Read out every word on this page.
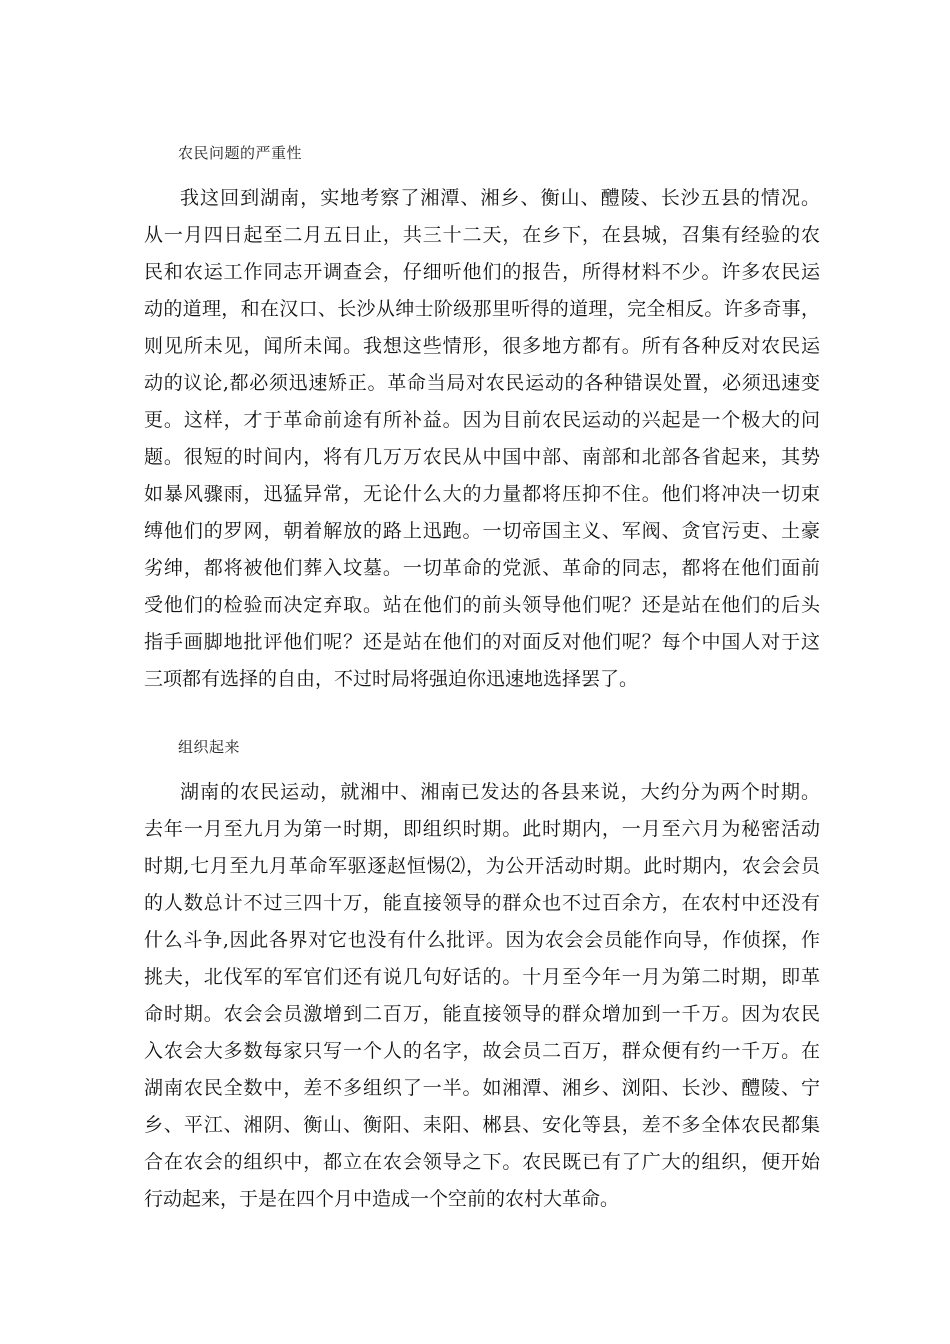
农民问题的严重性
我这回到湖南，实地考察了湘潭、湘乡、衡山、醴陵、长沙五县的情况。
从一月四日起至二月五日止，共三十二天，在乡下，在县城，召集有经验的农
民和农运工作同志开调查会，仔细听他们的报告，所得材料不少。许多农民运
动的道理，和在汉口、长沙从绅士阶级那里听得的道理，完全相反。许多奇事，
则见所未见，闻所未闻。我想这些情形，很多地方都有。所有各种反对农民运
动的议论,都必须迅速矫正。革命当局对农民运动的各种错误处置，必须迅速变
更。这样，才于革命前途有所补益。因为目前农民运动的兴起是一个极大的问
题。很短的时间内，将有几万万农民从中国中部、南部和北部各省起来，其势
如暴风骤雨，迅猛异常，无论什么大的力量都将压抑不住。他们将冲决一切束
缚他们的罗网，朝着解放的路上迅跑。一切帝国主义、军阀、贪官污吏、土豪
劣绅，都将被他们葬入坟墓。一切革命的党派、革命的同志，都将在他们面前
受他们的检验而决定弃取。站在他们的前头领导他们呢？还是站在他们的后头
指手画脚地批评他们呢？还是站在他们的对面反对他们呢？每个中国人对于这
三项都有选择的自由，不过时局将强迫你迅速地选择罢了。
组织起来
湖南的农民运动，就湘中、湘南已发达的各县来说，大约分为两个时期。
去年一月至九月为第一时期，即组织时期。此时期内，一月至六月为秘密活动
时期,七月至九月革命军驱逐赵恒惕⑵，为公开活动时期。此时期内，农会会员
的人数总计不过三四十万，能直接领导的群众也不过百余方，在农村中还没有
什么斗争,因此各界对它也没有什么批评。因为农会会员能作向导，作侦探，作
挑夫，北伐军的军官们还有说几句好话的。十月至今年一月为第二时期，即革
命时期。农会会员激增到二百万，能直接领导的群众增加到一千万。因为农民
入农会大多数每家只写一个人的名字，故会员二百万，群众便有约一千万。在
湖南农民全数中，差不多组织了一半。如湘潭、湘乡、浏阳、长沙、醴陵、宁
乡、平江、湘阴、衡山、衡阳、耒阳、郴县、安化等县，差不多全体农民都集
合在农会的组织中，都立在农会领导之下。农民既已有了广大的组织，便开始
行动起来，于是在四个月中造成一个空前的农村大革命。
